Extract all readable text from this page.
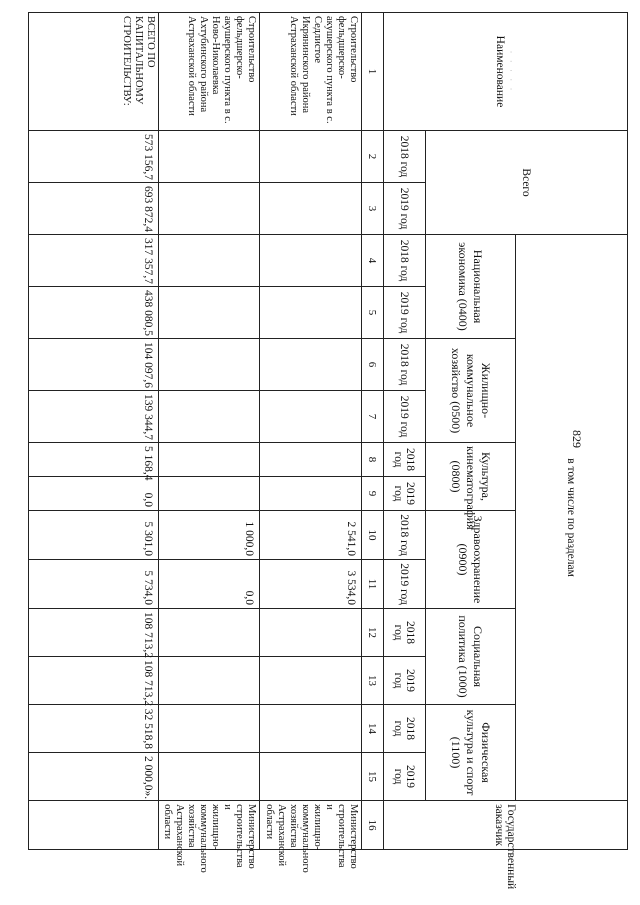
829
· · · · ·
Наименование	Всего		в том числе по разделам												Государственный заказчик
			Национальная экономика (0400)		Жилищно-коммунальное хозяйство (0500)		Культура, кинематография (0800)		Здравоохранение (0900)		Социальная политика (1000)		Физическая культура и спорт (1100)		
	2018 год	2019 год	2018 год	2019 год	2018 год	2019 год	2018 год	2019 год	2018 год	2019 год	2018 год	2019 год	2018 год	2019 год	
1	2	3	4	5	6	7	8	9	10	11	12	13	14	15	16
Строительство фельдшерско-акушерского пункта в с. Седлистое Икрянинского района Астраханской области									2 541,0	3 534,0					Министерство строительства и жилищно-коммунального хозяйства Астраханской области
Строительство фельдшерско-акушерского пункта в с. Ново-Николаевка Ахтубинского района Астраханской области									1 000,0	0,0					Министерство строительства и жилищно-коммунального хозяйства Астраханской области
ВСЕГО ПО КАПИТАЛЬНОМУ СТРОИТЕЛЬСТВУ:	573 156,7	693 872,4	317 357,7	438 080,5	104 097,6	139 344,7	5 168,4	0,0	5 301,0	5 734,0	108 713,2	108 713,2	32 518,8	2 000,0».	
